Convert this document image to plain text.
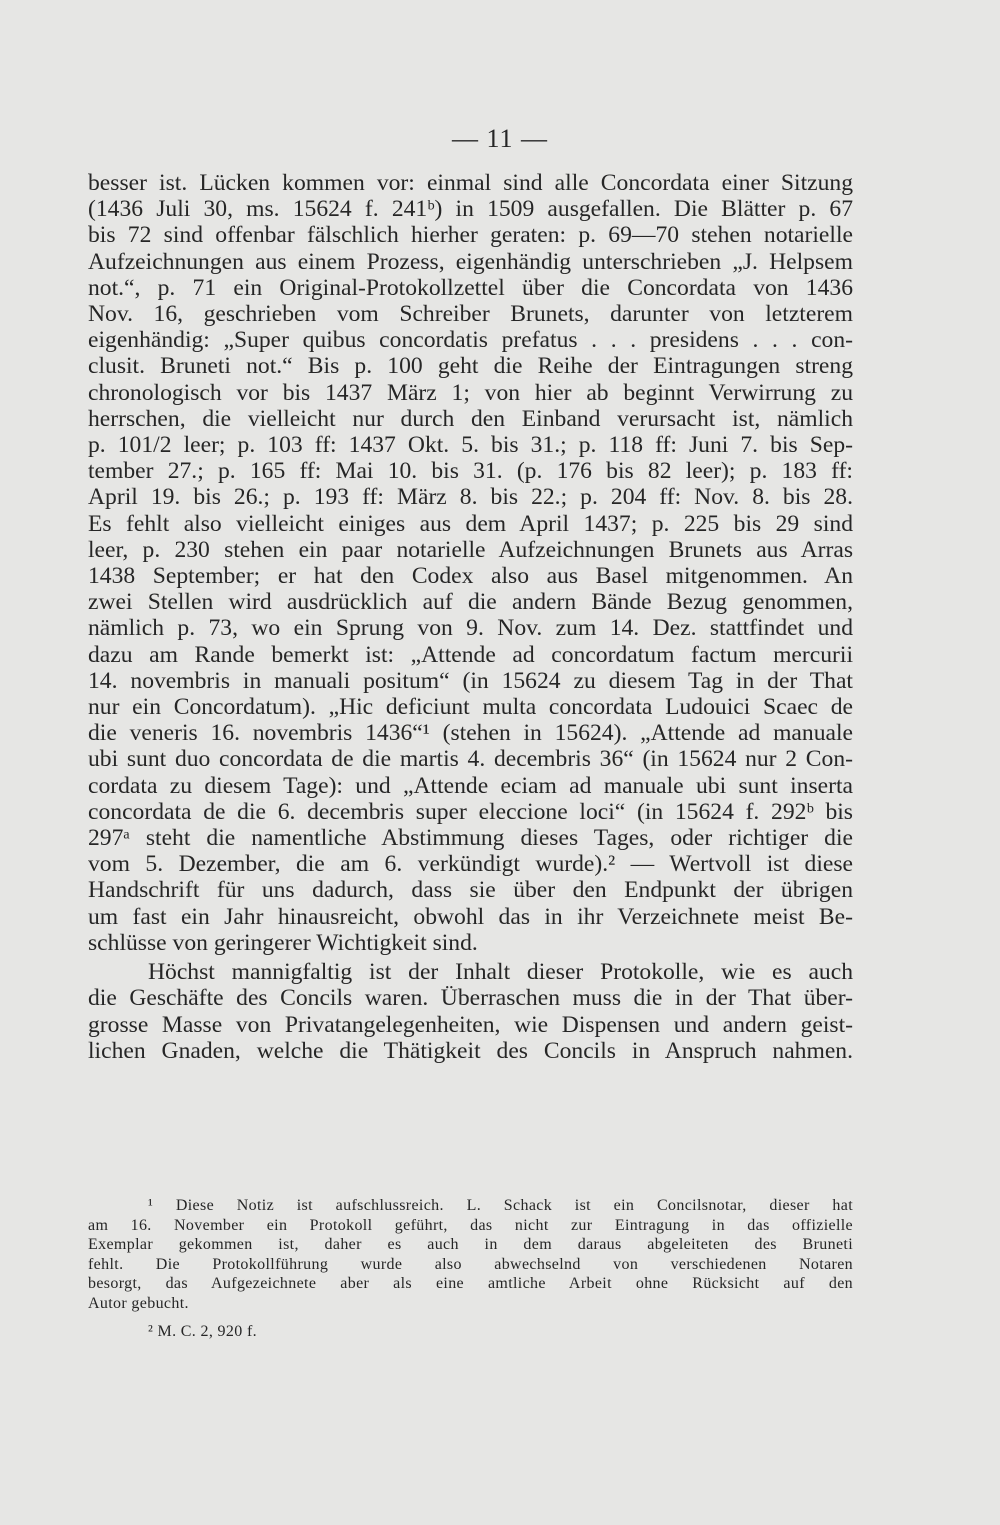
— 11 —
besser ist. Lücken kommen vor: einmal sind alle Concordata einer Sitzung
(1436 Juli 30, ms. 15624 f. 241ᵇ) in 1509 ausgefallen. Die Blätter p. 67
bis 72 sind offenbar fälschlich hierher geraten: p. 69—70 stehen notarielle
Aufzeichnungen aus einem Prozess, eigenhändig unterschrieben „J. Helpsem
not.“, p. 71 ein Original-Protokollzettel über die Concordata von 1436
Nov. 16, geschrieben vom Schreiber Brunets, darunter von letzterem
eigenhändig: „Super quibus concordatis prefatus . . . presidens . . . con-
clusit. Bruneti not.“ Bis p. 100 geht die Reihe der Eintragungen streng
chronologisch vor bis 1437 März 1; von hier ab beginnt Verwirrung zu
herrschen, die vielleicht nur durch den Einband verursacht ist, nämlich
p. 101/2 leer; p. 103 ff: 1437 Okt. 5. bis 31.; p. 118 ff: Juni 7. bis Sep-
tember 27.; p. 165 ff: Mai 10. bis 31. (p. 176 bis 82 leer); p. 183 ff:
April 19. bis 26.; p. 193 ff: März 8. bis 22.; p. 204 ff: Nov. 8. bis 28.
Es fehlt also vielleicht einiges aus dem April 1437; p. 225 bis 29 sind
leer, p. 230 stehen ein paar notarielle Aufzeichnungen Brunets aus Arras
1438 September; er hat den Codex also aus Basel mitgenommen. An
zwei Stellen wird ausdrücklich auf die andern Bände Bezug genommen,
nämlich p. 73, wo ein Sprung von 9. Nov. zum 14. Dez. stattfindet und
dazu am Rande bemerkt ist: „Attende ad concordatum factum mercurii
14. novembris in manuali positum“ (in 15624 zu diesem Tag in der That
nur ein Concordatum). „Hic deficiunt multa concordata Ludouici Scaec de
die veneris 16. novembris 1436“¹ (stehen in 15624). „Attende ad manuale
ubi sunt duo concordata de die martis 4. decembris 36“ (in 15624 nur 2 Con-
cordata zu diesem Tage): und „Attende eciam ad manuale ubi sunt inserta
concordata de die 6. decembris super eleccione loci“ (in 15624 f. 292ᵇ bis
297ᵃ steht die namentliche Abstimmung dieses Tages, oder richtiger die
vom 5. Dezember, die am 6. verkündigt wurde).² — Wertvoll ist diese
Handschrift für uns dadurch, dass sie über den Endpunkt der übrigen
um fast ein Jahr hinausreicht, obwohl das in ihr Verzeichnete meist Be-
schlüsse von geringerer Wichtigkeit sind.
Höchst mannigfaltig ist der Inhalt dieser Protokolle, wie es auch
die Geschäfte des Concils waren. Überraschen muss die in der That über-
grosse Masse von Privatangelegenheiten, wie Dispensen und andern geist-
lichen Gnaden, welche die Thätigkeit des Concils in Anspruch nahmen.
¹ Diese Notiz ist aufschlussreich. L. Schack ist ein Concilsnotar, dieser hat
am 16. November ein Protokoll geführt, das nicht zur Eintragung in das offizielle
Exemplar gekommen ist, daher es auch in dem daraus abgeleiteten des Bruneti
fehlt. Die Protokollführung wurde also abwechselnd von verschiedenen Notaren
besorgt, das Aufgezeichnete aber als eine amtliche Arbeit ohne Rücksicht auf den
Autor gebucht.
² M. C. 2, 920 f.
